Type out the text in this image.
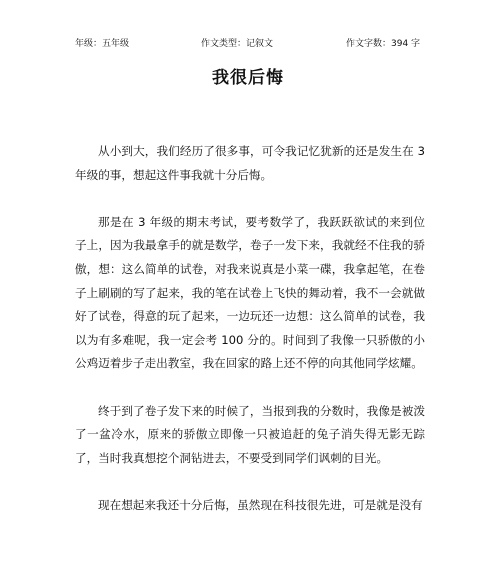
年级：五年级	作文类型：记叙文	作文字数：394 字
我很后悔

从小到大，我们经历了很多事，可令我记忆犹新的还是发生在 3 年级的事，想起这件事我就十分后悔。

那是在 3 年级的期末考试，要考数学了，我跃跃欲试的来到位子上，因为我最拿手的就是数学，卷子一发下来，我就经不住我的骄傲，想：这么简单的试卷，对我来说真是小菜一碟，我拿起笔，在卷子上刷刷的写了起来，我的笔在试卷上飞快的舞动着，我不一会就做好了试卷，得意的玩了起来，一边玩还一边想：这么简单的试卷，我以为有多难呢，我一定会考 100 分的。时间到了我像一只骄傲的小公鸡迈着步子走出教室，我在回家的路上还不停的向其他同学炫耀。

终于到了卷子发下来的时候了，当报到我的分数时，我像是被泼了一盆冷水，原来的骄傲立即像一只被追赶的兔子消失得无影无踪了，当时我真想挖个洞钻进去，不要受到同学们讽刺的目光。

现在想起来我还十分后悔，虽然现在科技很先进，可是就是没有
